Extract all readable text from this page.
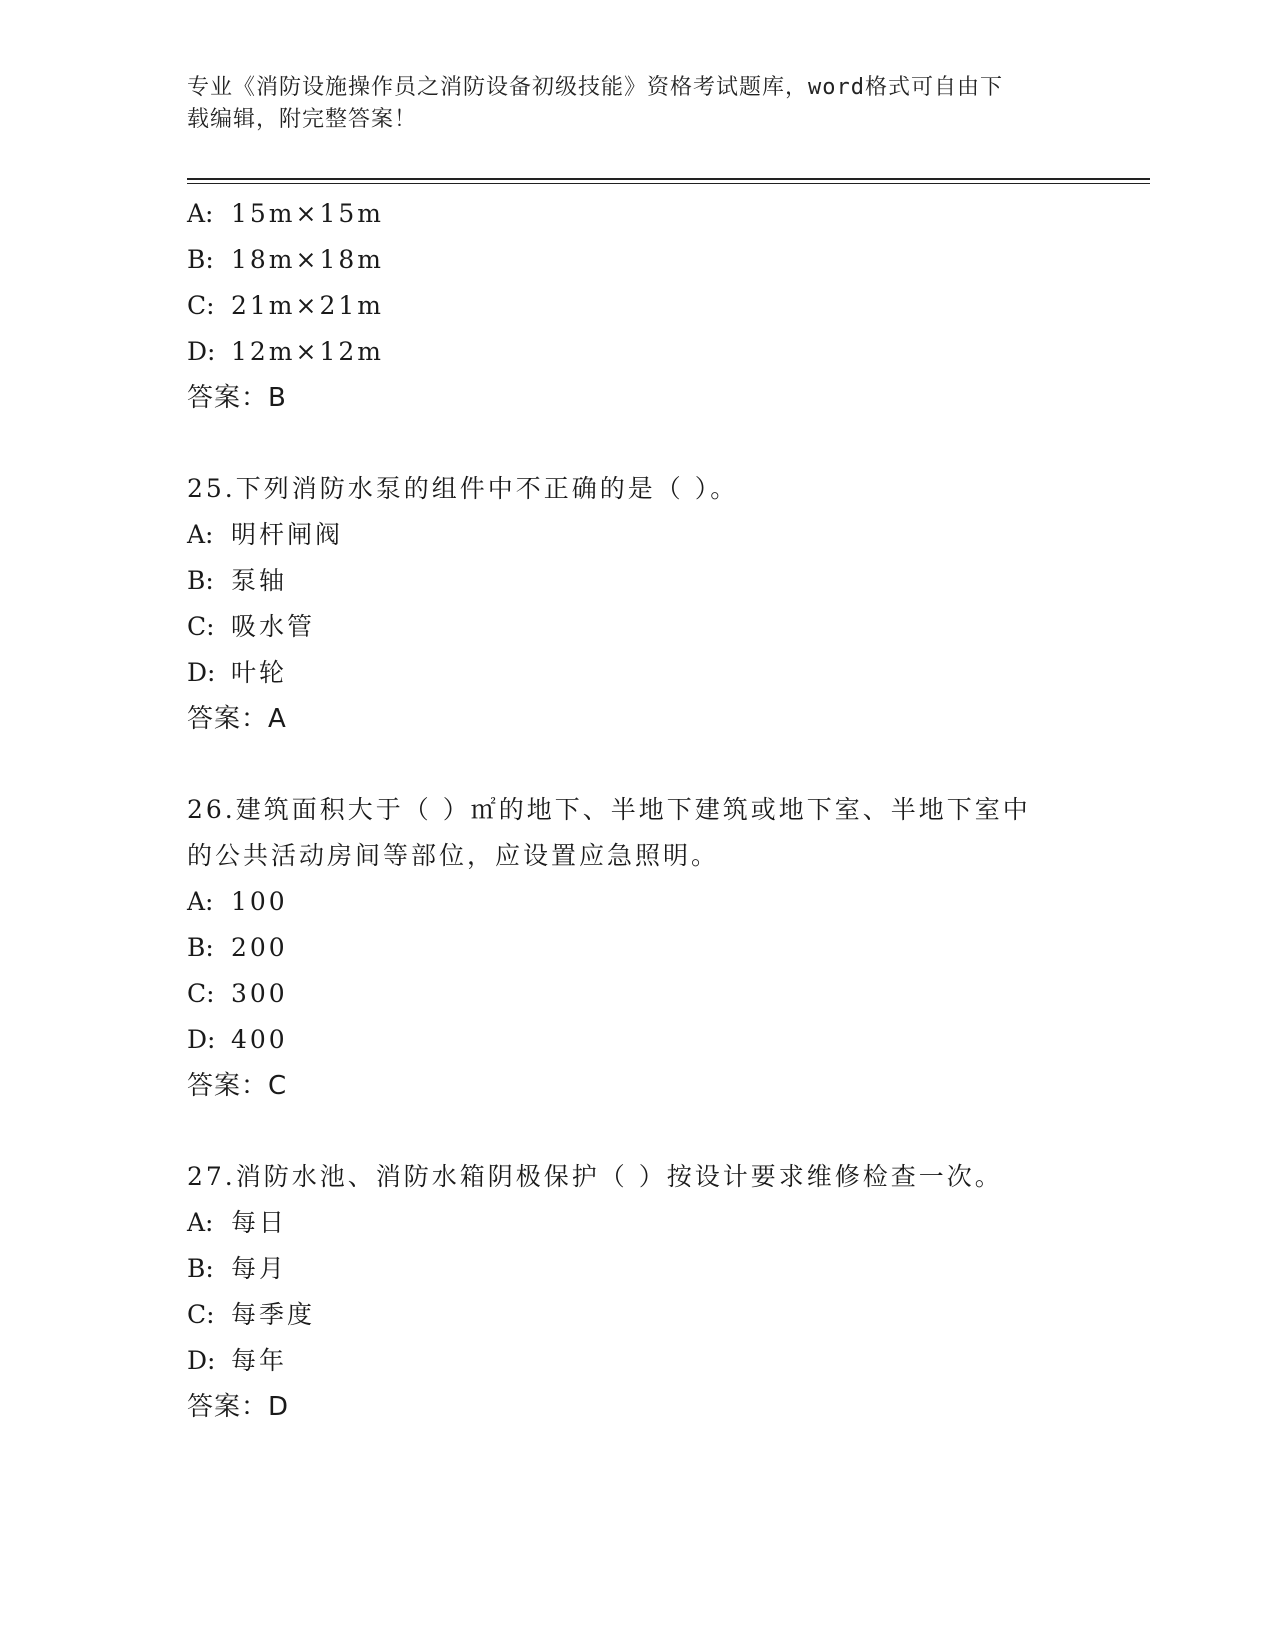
专业《消防设施操作员之消防设备初级技能》资格考试题库，word格式可自由下
载编辑，附完整答案！
A: 15m×15m
B: 18m×18m
C: 21m×21m
D: 12m×12m
答案：B
25.下列消防水泵的组件中不正确的是（ ）。
A: 明杆闸阀
B: 泵轴
C: 吸水管
D: 叶轮
答案：A
26.建筑面积大于（ ）㎡的地下、半地下建筑或地下室、半地下室中
的公共活动房间等部位，应设置应急照明。
A: 100
B: 200
C: 300
D: 400
答案：C
27.消防水池、消防水箱阴极保护（ ）按设计要求维修检查一次。
A: 每日
B: 每月
C: 每季度
D: 每年
答案：D
